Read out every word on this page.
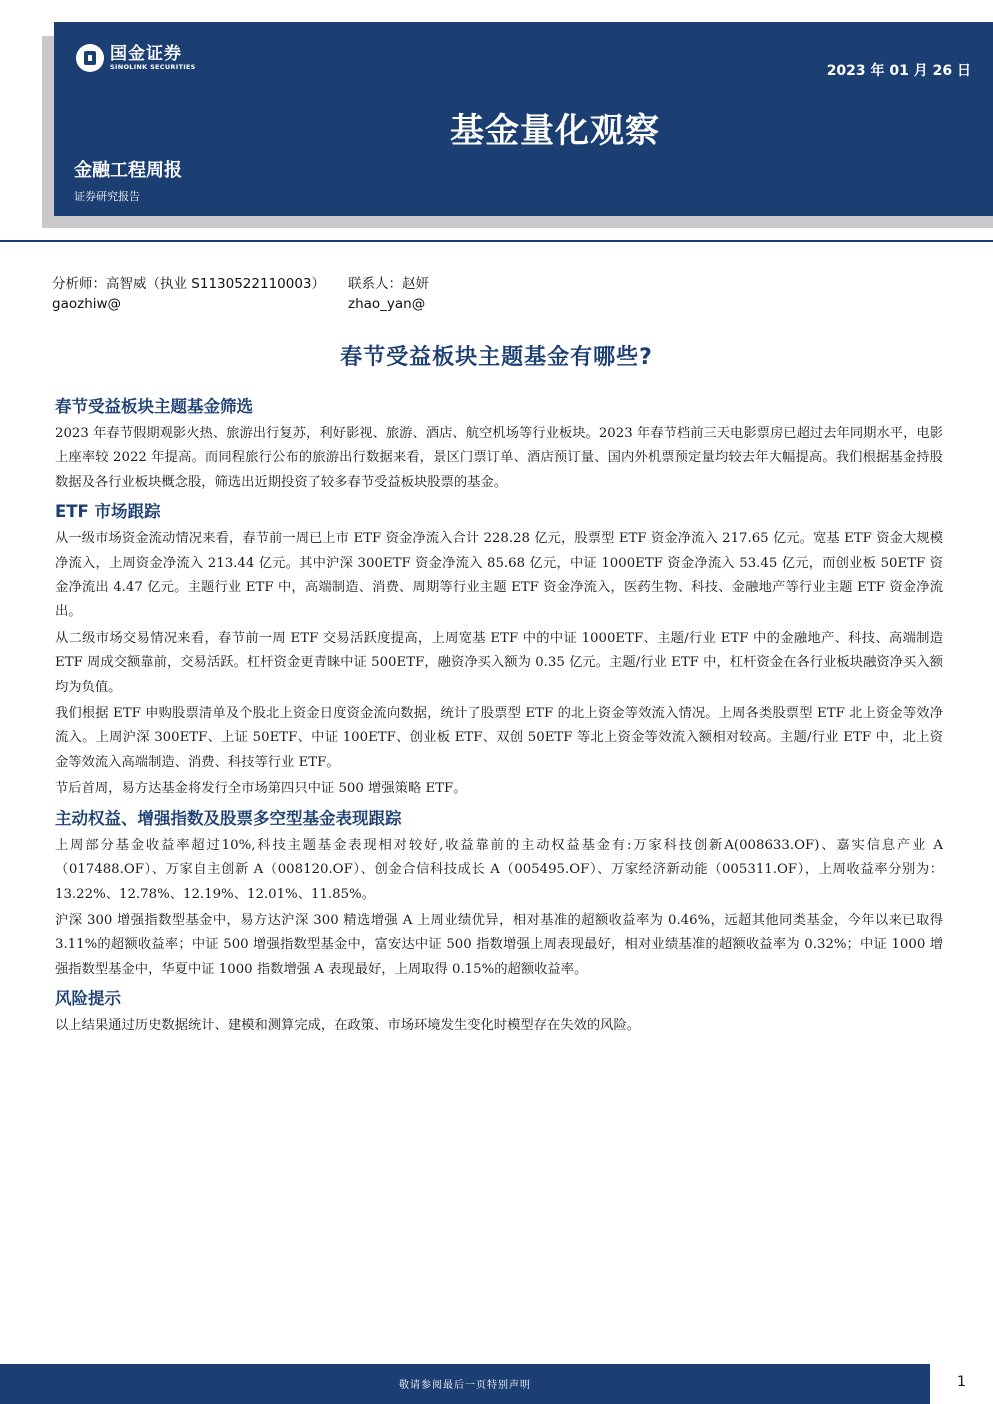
国金证券
SINOLINK SECURITIES	2023 年 01 月 26 日
基金量化观察
金融工程周报
证券研究报告
分析师：高智威（执业 S1130522110003）	联系人：赵妍
gaozhiw@	zhao_yan@
春节受益板块主题基金有哪些?
春节受益板块主题基金筛选

2023 年春节假期观影火热、旅游出行复苏，利好影视、旅游、酒店、航空机场等行业板块。2023 年春节档前三天电影票房已超过去年同期水平，电影上座率较 2022 年提高。而同程旅行公布的旅游出行数据来看，景区门票订单、酒店预订量、国内外机票预定量均较去年大幅提高。我们根据基金持股数据及各行业板块概念股，筛选出近期投资了较多春节受益板块股票的基金。

ETF 市场跟踪

从一级市场资金流动情况来看，春节前一周已上市 ETF 资金净流入合计 228.28 亿元，股票型 ETF 资金净流入 217.65 亿元。宽基 ETF 资金大规模净流入，上周资金净流入 213.44 亿元。其中沪深 300ETF 资金净流入 85.68 亿元，中证 1000ETF 资金净流入 53.45 亿元，而创业板 50ETF 资金净流出 4.47 亿元。主题行业 ETF 中，高端制造、消费、周期等行业主题 ETF 资金净流入，医药生物、科技、金融地产等行业主题 ETF 资金净流出。

从二级市场交易情况来看，春节前一周 ETF 交易活跃度提高，上周宽基 ETF 中的中证 1000ETF、主题/行业 ETF 中的金融地产、科技、高端制造 ETF 周成交额靠前，交易活跃。杠杆资金更青睐中证 500ETF，融资净买入额为 0.35 亿元。主题/行业 ETF 中，杠杆资金在各行业板块融资净买入额均为负值。

我们根据 ETF 申购股票清单及个股北上资金日度资金流向数据，统计了股票型 ETF 的北上资金等效流入情况。上周各类股票型 ETF 北上资金等效净流入。上周沪深 300ETF、上证 50ETF、中证 100ETF、创业板 ETF、双创 50ETF 等北上资金等效流入额相对较高。主题/行业 ETF 中，北上资金等效流入高端制造、消费、科技等行业 ETF。

节后首周，易方达基金将发行全市场第四只中证 500 增强策略 ETF。

主动权益、增强指数及股票多空型基金表现跟踪

上周部分基金收益率超过10%,科技主题基金表现相对较好,收益靠前的主动权益基金有:万家科技创新A(008633.OF)、嘉实信息产业 A（017488.OF）、万家自主创新 A（008120.OF）、创金合信科技成长 A（005495.OF）、万家经济新动能（005311.OF），上周收益率分别为：13.22%、12.78%、12.19%、12.01%、11.85%。

沪深 300 增强指数型基金中，易方达沪深 300 精选增强 A 上周业绩优异，相对基准的超额收益率为 0.46%，远超其他同类基金，今年以来已取得 3.11%的超额收益率；中证 500 增强指数型基金中，富安达中证 500 指数增强上周表现最好，相对业绩基准的超额收益率为 0.32%；中证 1000 增强指数型基金中，华夏中证 1000 指数增强 A 表现最好，上周取得 0.15%的超额收益率。

风险提示

以上结果通过历史数据统计、建模和测算完成，在政策、市场环境发生变化时模型存在失效的风险。

敬请参阅最后一页特别声明	1
